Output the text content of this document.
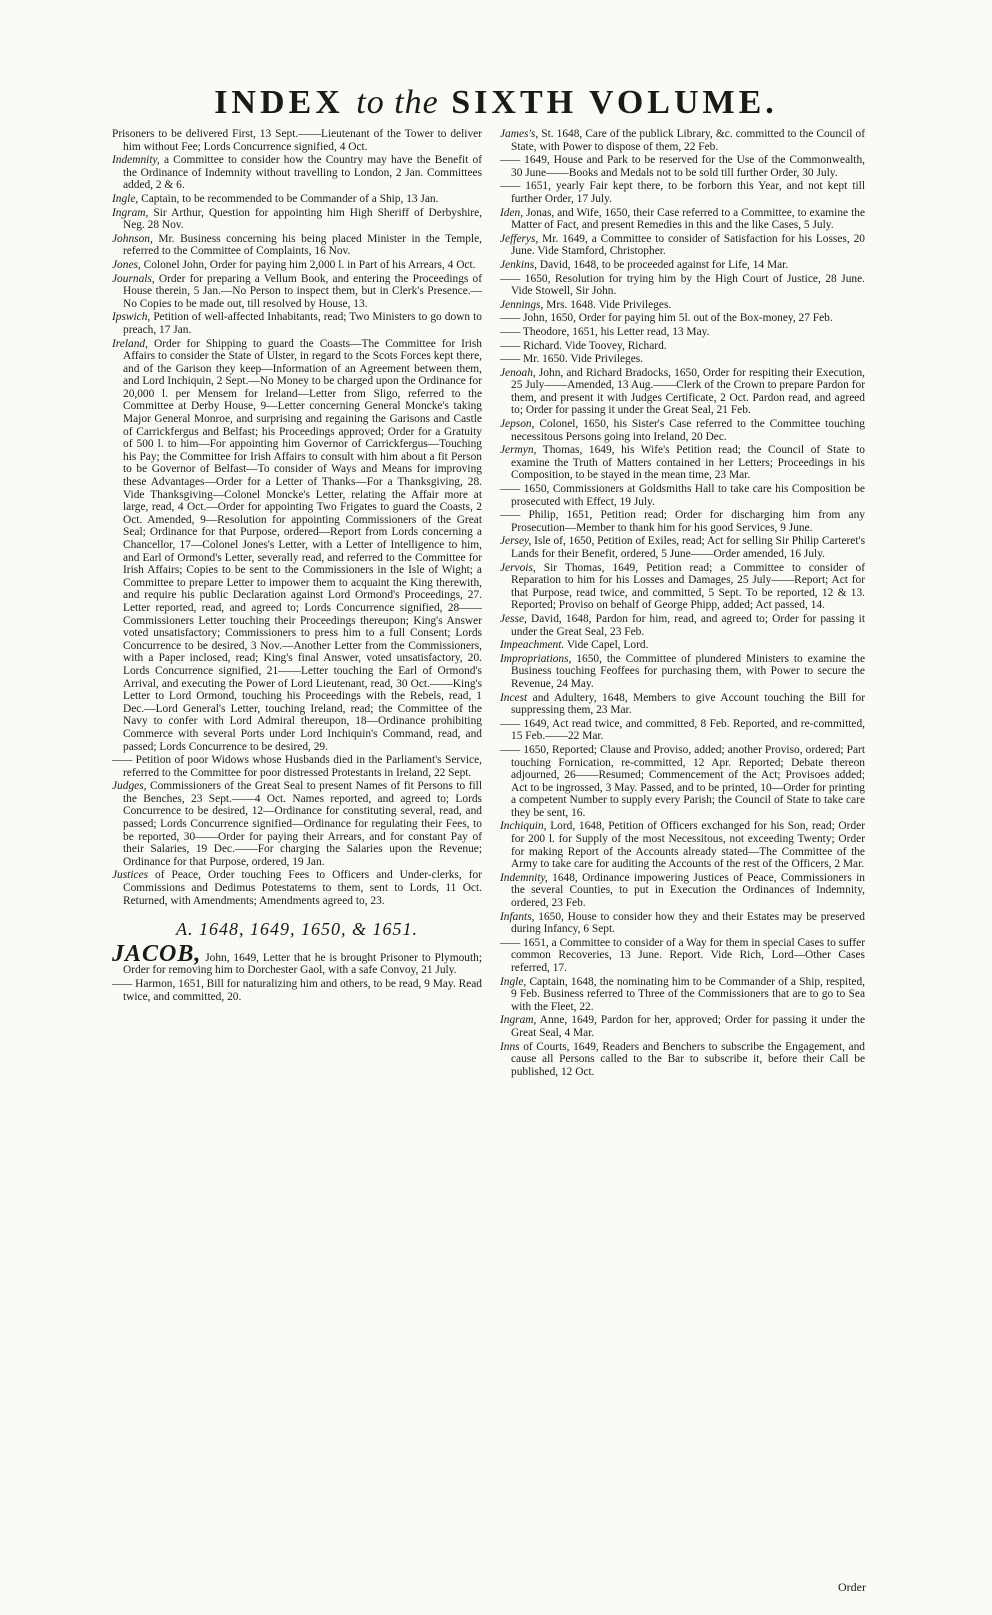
INDEX to the SIXTH VOLUME.
Prisoners to be delivered First, 13 Sept.——Lieutenant of the Tower to deliver him without Fee; Lords Concurrence signified, 4 Oct.
Indemnity, a Committee to consider how the Country may have the Benefit of the Ordinance of Indemnity without travelling to London, 2 Jan. Committees added, 2 & 6.
Ingle, Captain, to be recommended to be Commander of a Ship, 13 Jan.
Ingram, Sir Arthur, Question for appointing him High Sheriff of Derbyshire, Neg. 28 Nov.
Johnson, Mr. Business concerning his being placed Minister in the Temple, referred to the Committee of Complaints, 16 Nov.
Jones, Colonel John, Order for paying him 2,000 l. in Part of his Arrears, 4 Oct.
Journals, Order for preparing a Vellum Book, and entering the Proceedings of House therein, 5 Jan.—No Person to inspect them, but in Clerk's Presence.—No Copies to be made out, till resolved by House, 13.
Ipswich, Petition of well-affected Inhabitants, read; Two Ministers to go down to preach, 17 Jan.
Ireland, Order for Shipping to guard the Coasts—The Committee for Irish Affairs to consider the State of Ulster, in regard to the Scots Forces kept there, and of the Garison they keep—Information of an Agreement between them, and Lord Inchiquin, 2 Sept.—No Money to be charged upon the Ordinance for 20,000 l. per Mensem for Ireland—Letter from Sligo, referred to the Committee at Derby House, 9—Letter concerning General Moncke's taking Major General Monroe, and surprising and regaining the Garisons and Castle of Carrickfergus and Belfast; his Proceedings approved; Order for a Gratuity of 500 l. to him—For appointing him Governor of Carrickfergus—Touching his Pay; the Committee for Irish Affairs to consult with him about a fit Person to be Governor of Belfast—To consider of Ways and Means for improving these Advantages—Order for a Letter of Thanks—For a Thanksgiving, 28. Vide Thanksgiving—Colonel Moncke's Letter, relating the Affair more at large, read, 4 Oct.—Order for appointing Two Frigates to guard the Coasts, 2 Oct. Amended, 9—Resolution for appointing Commissioners of the Great Seal; Ordinance for that Purpose, ordered—Report from Lords concerning a Chancellor, 17—Colonel Jones's Letter, with a Letter of Intelligence to him, and Earl of Ormond's Letter, severally read, and referred to the Committee for Irish Affairs; Copies to be sent to the Commissioners in the Isle of Wight; a Committee to prepare Letter to impower them to acquaint the King therewith, and require his public Declaration against Lord Ormond's Proceedings, 27. Letter reported, read, and agreed to; Lords Concurrence signified, 28——Commissioners Letter touching their Proceedings thereupon; King's Answer voted unsatisfactory; Commissioners to press him to a full Consent; Lords Concurrence to be desired, 3 Nov.—Another Letter from the Commissioners, with a Paper inclosed, read; King's final Answer, voted unsatisfactory, 20. Lords Concurrence signified, 21——Letter touching the Earl of Ormond's Arrival, and executing the Power of Lord Lieutenant, read, 30 Oct.——King's Letter to Lord Ormond, touching his Proceedings with the Rebels, read, 1 Dec.—Lord General's Letter, touching Ireland, read; the Committee of the Navy to confer with Lord Admiral thereupon, 18—Ordinance prohibiting Commerce with several Ports under Lord Inchiquin's Command, read, and passed; Lords Concurrence to be desired, 29.
—— Petition of poor Widows whose Husbands died in the Parliament's Service, referred to the Committee for poor distressed Protestants in Ireland, 22 Sept.
Judges, Commissioners of the Great Seal to present Names of fit Persons to fill the Benches, 23 Sept.——4 Oct. Names reported, and agreed to; Lords Concurrence to be desired, 12—Ordinance for constituting several, read, and passed; Lords Concurrence signified—Ordinance for regulating their Fees, to be reported, 30——Order for paying their Arrears, and for constant Pay of their Salaries, 19 Dec.——For charging the Salaries upon the Revenue; Ordinance for that Purpose, ordered, 19 Jan.
Justices of Peace, Order touching Fees to Officers and Under-clerks, for Commissions and Dedimus Potestatems to them, sent to Lords, 11 Oct. Returned, with Amendments; Amendments agreed to, 23.
A. 1648, 1649, 1650, & 1651.
JACOB, John, 1649, Letter that he is brought Prisoner to Plymouth; Order for removing him to Dorchester Gaol, with a safe Convoy, 21 July.
—— Harmon, 1651, Bill for naturalizing him and others, to be read, 9 May. Read twice, and committed, 20.
James's, St. 1648, Care of the publick Library, &c. committed to the Council of State, with Power to dispose of them, 22 Feb.
—— 1649, House and Park to be reserved for the Use of the Commonwealth, 30 June——Books and Medals not to be sold till further Order, 30 July.
—— 1651, yearly Fair kept there, to be forborn this Year, and not kept till further Order, 17 July.
Iden, Jonas, and Wife, 1650, their Case referred to a Committee, to examine the Matter of Fact, and present Remedies in this and the like Cases, 5 July.
Jefferys, Mr. 1649, a Committee to consider of Satisfaction for his Losses, 20 June. Vide Stamford, Christopher.
Jenkins, David, 1648, to be proceeded against for Life, 14 Mar.
—— 1650, Resolution for trying him by the High Court of Justice, 28 June. Vide Stowell, Sir John.
Jennings, Mrs. 1648. Vide Privileges.
—— John, 1650, Order for paying him 5l. out of the Box-money, 27 Feb.
—— Theodore, 1651, his Letter read, 13 May.
—— Richard. Vide Toovey, Richard.
—— Mr. 1650. Vide Privileges.
Jenoah, John, and Richard Bradocks, 1650, Order for respiting their Execution, 25 July——Amended, 13 Aug.——Clerk of the Crown to prepare Pardon for them, and present it with Judges Certificate, 2 Oct. Pardon read, and agreed to; Order for passing it under the Great Seal, 21 Feb.
Jepson, Colonel, 1650, his Sister's Case referred to the Committee touching necessitous Persons going into Ireland, 20 Dec.
Jermyn, Thomas, 1649, his Wife's Petition read; the Council of State to examine the Truth of Matters contained in her Letters; Proceedings in his Composition, to be stayed in the mean time, 23 Mar.
—— 1650, Commissioners at Goldsmiths Hall to take care his Composition be prosecuted with Effect, 19 July.
—— Philip, 1651, Petition read; Order for discharging him from any Prosecution—Member to thank him for his good Services, 9 June.
Jersey, Isle of, 1650, Petition of Exiles, read; Act for selling Sir Philip Carteret's Lands for their Benefit, ordered, 5 June——Order amended, 16 July.
Jervois, Sir Thomas, 1649, Petition read; a Committee to consider of Reparation to him for his Losses and Damages, 25 July——Report; Act for that Purpose, read twice, and committed, 5 Sept. To be reported, 12 & 13. Reported; Proviso on behalf of George Phipp, added; Act passed, 14.
Jesse, David, 1648, Pardon for him, read, and agreed to; Order for passing it under the Great Seal, 23 Feb.
Impeachment. Vide Capel, Lord.
Impropriations, 1650, the Committee of plundered Ministers to examine the Business touching Feoffees for purchasing them, with Power to secure the Revenue, 24 May.
Incest and Adultery, 1648, Members to give Account touching the Bill for suppressing them, 23 Mar.
—— 1649, Act read twice, and committed, 8 Feb. Reported, and re-committed, 15 Feb.——22 Mar.
—— 1650, Reported; Clause and Proviso, added; another Proviso, ordered; Part touching Fornication, re-committed, 12 Apr. Reported; Debate thereon adjourned, 26——Resumed; Commencement of the Act; Provisoes added; Act to be ingrossed, 3 May. Passed, and to be printed, 10—Order for printing a competent Number to supply every Parish; the Council of State to take care they be sent, 16.
Inchiquin, Lord, 1648, Petition of Officers exchanged for his Son, read; Order for 200 l. for Supply of the most Necessitous, not exceeding Twenty; Order for making Report of the Accounts already stated—The Committee of the Army to take care for auditing the Accounts of the rest of the Officers, 2 Mar.
Indemnity, 1648, Ordinance impowering Justices of Peace, Commissioners in the several Counties, to put in Execution the Ordinances of Indemnity, ordered, 23 Feb.
Infants, 1650, House to consider how they and their Estates may be preserved during Infancy, 6 Sept.
—— 1651, a Committee to consider of a Way for them in special Cases to suffer common Recoveries, 13 June. Report. Vide Rich, Lord—Other Cases referred, 17.
Ingle, Captain, 1648, the nominating him to be Commander of a Ship, respited, 9 Feb. Business referred to Three of the Commissioners that are to go to Sea with the Fleet, 22.
Ingram, Anne, 1649, Pardon for her, approved; Order for passing it under the Great Seal, 4 Mar.
Inns of Courts, 1649, Readers and Benchers to subscribe the Engagement, and cause all Persons called to the Bar to subscribe it, before their Call be published, 12 Oct.
Order
